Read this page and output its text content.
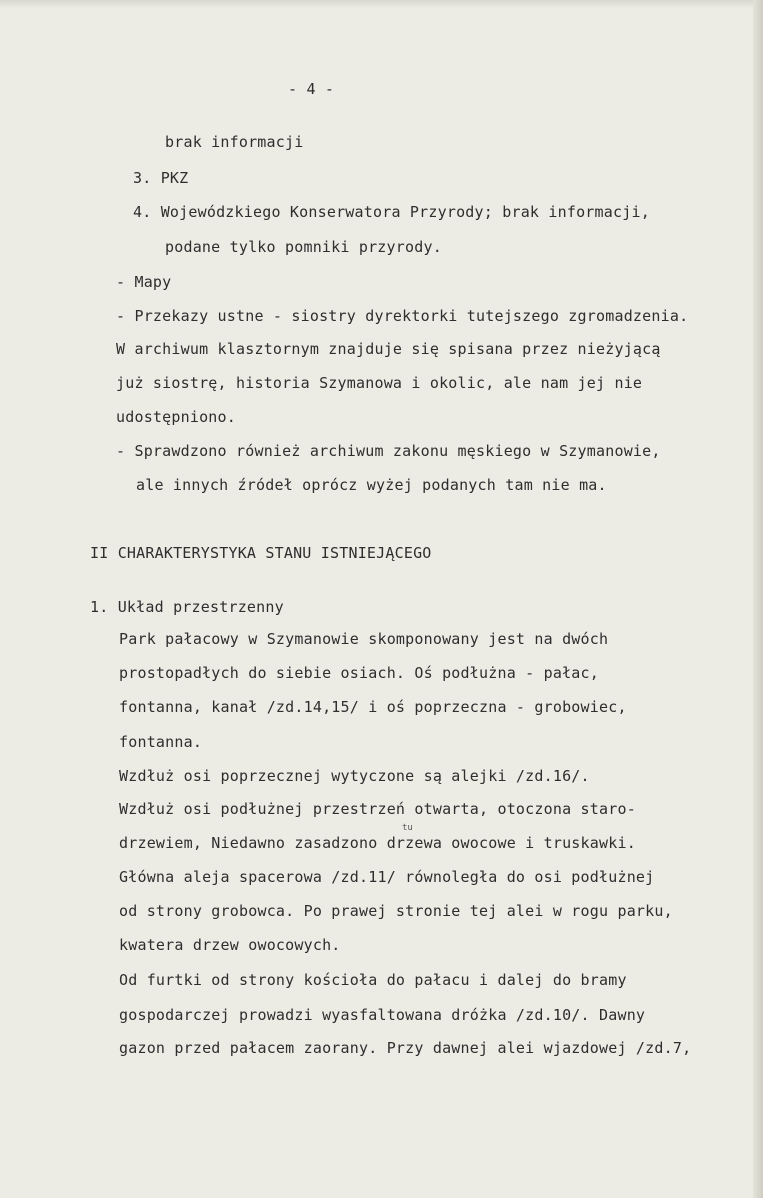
- 4 -
brak informacji
3. PKZ
4. Wojewódzkiego Konserwatora Przyrody; brak informacji,
podane tylko pomniki przyrody.
- Mapy
- Przekazy ustne - siostry dyrektorki tutejszego zgromadzenia.
W archiwum klasztornym znajduje się spisana przez nieżyjącą
już siostrę, historia Szymanowa i okolic, ale nam jej nie
udostępniono.
- Sprawdzono również archiwum zakonu męskiego w Szymanowie,
ale innych źródeł oprócz wyżej podanych tam nie ma.
II CHARAKTERYSTYKA STANU ISTNIEJĄCEGO
1. Układ przestrzenny
Park pałacowy w Szymanowie skomponowany jest na dwóch
prostopadłych do siebie osiach. Oś podłużna - pałac,
fontanna, kanał /zd.14,15/ i oś poprzeczna - grobowiec,
fontanna.
Wzdłuż osi poprzecznej wytyczone są alejki /zd.16/.
Wzdłuż osi podłużnej przestrzeń otwarta, otoczona staro-
tu
drzewiem, Niedawno zasadzono drzewa owocowe i truskawki.
Główna aleja spacerowa /zd.11/ równoległa do osi podłużnej
od strony grobowca. Po prawej stronie tej alei w rogu parku,
kwatera drzew owocowych.
Od furtki od strony kościoła do pałacu i dalej do bramy
gospodarczej prowadzi wyasfaltowana dróżka /zd.10/. Dawny
gazon przed pałacem zaorany. Przy dawnej alei wjazdowej /zd.7,
